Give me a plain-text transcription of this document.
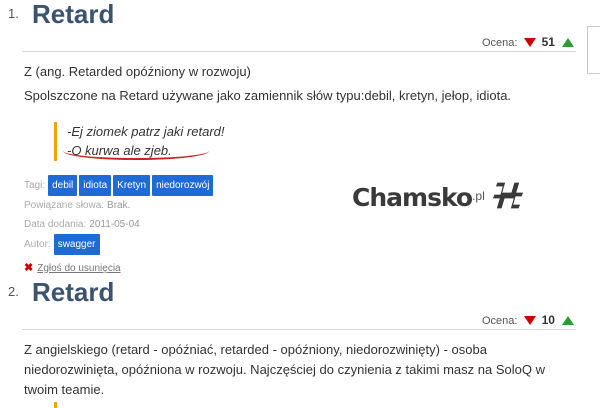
1. Retard
Ocena: 51

Z (ang. Retarded opóźniony w rozwoju)

Spolszczone na Retard używane jako zamiennik słów typu:debil, kretyn, jełop, idiota.

-Ej ziomek patrz jaki retard!
-O kurwa ale zjeb.
Tagi: debil idiota Kretyn niedorozwój
Powiązane słowa: Brak.
Data dodania: 2011-05-04
Autor: swagger
✖ Zgłoś do usunięcia
2. Retard
Ocena: 10

Z angielskiego (retard - opóźniać, retarded - opóźniony, niedorozwinięty) - osoba niedorozwinięta, opóźniona w rozwoju. Najczęściej do czynienia z takimi masz na SoloQ w twoim teamie.

Chamsko.pl
